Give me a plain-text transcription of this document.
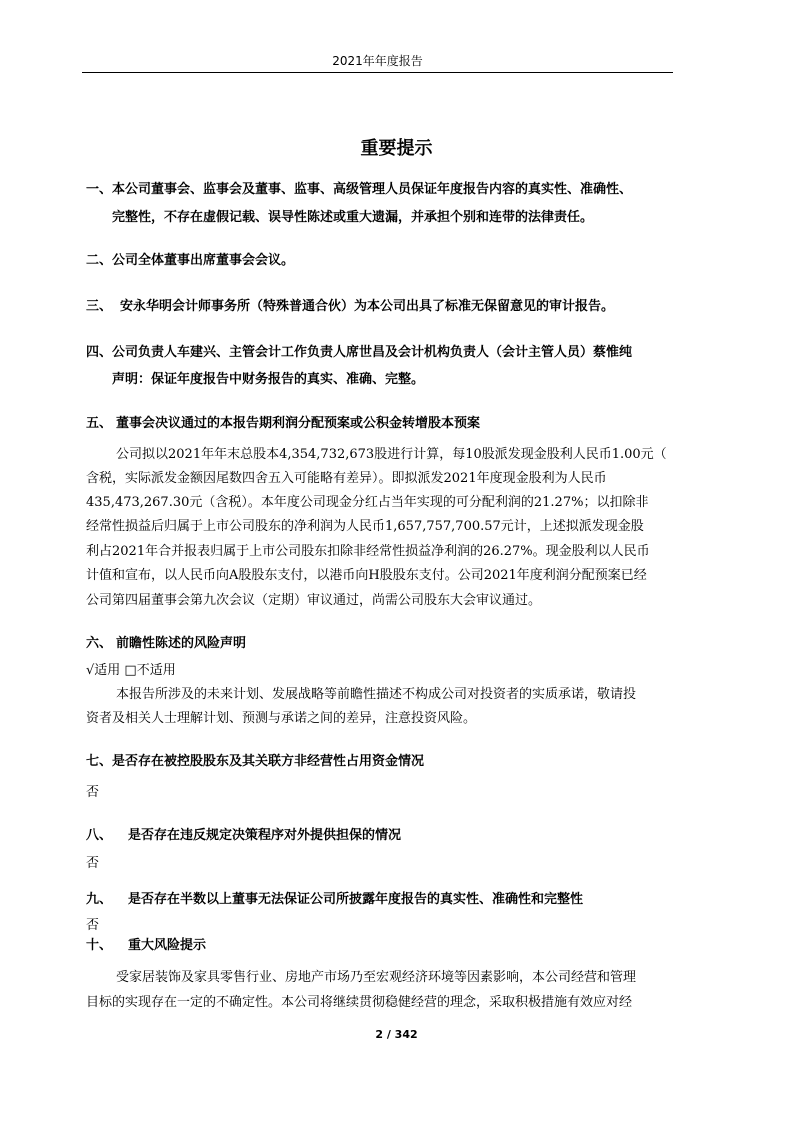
2021年年度报告
重要提示
一、本公司董事会、监事会及董事、监事、高级管理人员保证年度报告内容的真实性、准确性、
完整性，不存在虚假记载、误导性陈述或重大遗漏，并承担个别和连带的法律责任。
二、公司全体董事出席董事会会议。
三、 安永华明会计师事务所（特殊普通合伙）为本公司出具了标准无保留意见的审计报告。
四、公司负责人车建兴、主管会计工作负责人席世昌及会计机构负责人（会计主管人员）蔡惟纯
声明：保证年度报告中财务报告的真实、准确、完整。
五、 董事会决议通过的本报告期利润分配预案或公积金转增股本预案
公司拟以2021年年末总股本4,354,732,673股进行计算，每10股派发现金股利人民币1.00元（
含税，实际派发金额因尾数四舍五入可能略有差异）。即拟派发2021年度现金股利为人民币
435,473,267.30元（含税）。本年度公司现金分红占当年实现的可分配利润的21.27%；以扣除非
经常性损益后归属于上市公司股东的净利润为人民币1,657,757,700.57元计，上述拟派发现金股
利占2021年合并报表归属于上市公司股东扣除非经常性损益净利润的26.27%。现金股利以人民币
计值和宣布，以人民币向A股股东支付，以港币向H股股东支付。公司2021年度利润分配预案已经
公司第四届董事会第九次会议（定期）审议通过，尚需公司股东大会审议通过。
六、 前瞻性陈述的风险声明
√适用 □不适用
本报告所涉及的未来计划、发展战略等前瞻性描述不构成公司对投资者的实质承诺，敬请投
资者及相关人士理解计划、预测与承诺之间的差异，注意投资风险。
七、是否存在被控股股东及其关联方非经营性占用资金情况
否
八、 是否存在违反规定决策程序对外提供担保的情况
否
九、 是否存在半数以上董事无法保证公司所披露年度报告的真实性、准确性和完整性
否
十、 重大风险提示
受家居装饰及家具零售行业、房地产市场乃至宏观经济环境等因素影响，本公司经营和管理
目标的实现存在一定的不确定性。本公司将继续贯彻稳健经营的理念，采取积极措施有效应对经
2 / 342
